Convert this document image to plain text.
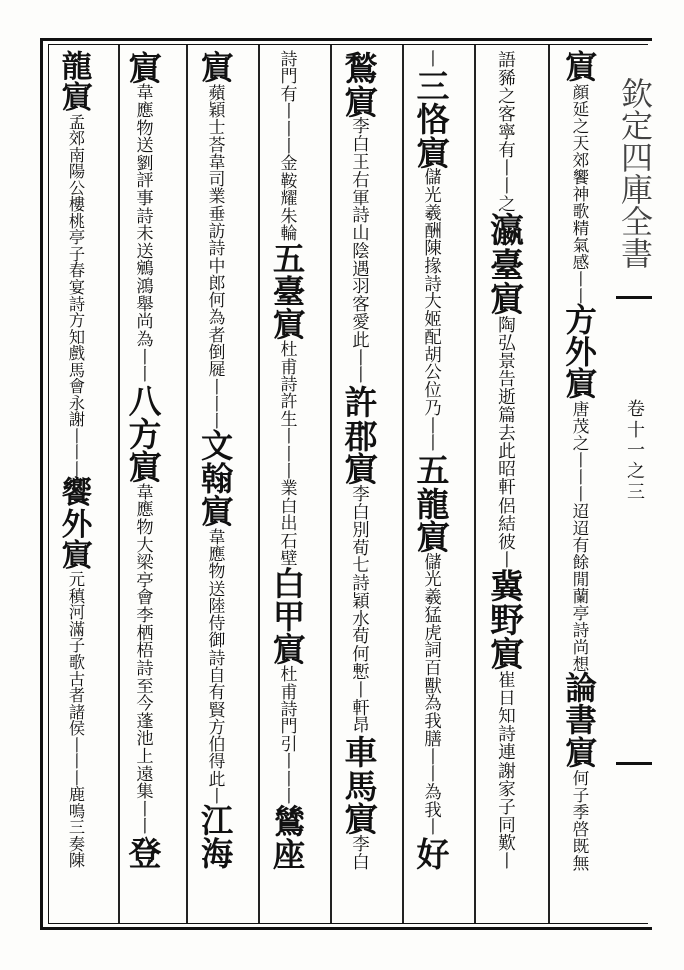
欽
定
四
庫
全
書
卷
十
一
之
三
賔
顔
延
之
天
郊
饗
神
歌
精
氣
感
丨
丨
方
外
賔
唐
茂
之
丨
丨
丨
迢
迢
有
餘
閒
蘭
亭
詩
尚
想
論
書
賔
何
子
季
啓
既
無
語
豨
之
客
寧
有
丨
丨
之
瀛
臺
賔
陶
弘
景
告
逝
篇
去
此
昭
軒
侶
結
彼
丨
冀
野
賔
崔
日
知
詩
連
謝
家
子
同
歎
丨
丨
三
恪
賔
儲
光
羲
酬
陳
掾
詩
大
姬
配
胡
公
位
乃
丨
丨
五
龍
賔
儲
光
羲
猛
虎
詞
百
獸
為
我
膳
丨
丨
為
我
丨
好
鶖
賔
李
白
王
右
軍
詩
山
陰
遇
羽
客
愛
此
丨
丨
許
郡
賔
李
白
別
荀
七
詩
穎
水
荀
何
慙
丨
軒
昂
車
馬
賔
李
白
詩
門
有
丨
丨
丨
金
鞍
耀
朱
輪
五
臺
賔
杜
甫
詩
許
生
丨
丨
丨
業
白
出
石
壁
白
甲
賔
杜
甫
詩
門
引
丨
丨
丨
鷥
座
賔
蘋
穎
士
荅
韋
司
業
垂
訪
詩
中
郎
何
為
者
倒
屣
丨
丨
丨
文
翰
賔
韋
應
物
送
陸
侍
御
詩
自
有
賢
方
伯
得
此
丨
江
海
賔
韋
應
物
送
劉
評
事
詩
未
送
鵷
鴻
舉
尚
為
丨
丨
八
方
賔
韋
應
物
大
梁
亭
會
李
栖
梧
詩
至
今
蓬
池
上
遠
集
丨
丨
登
龍
賔
孟
郊
南
陽
公
樓
桃
亭
子
春
宴
詩
方
知
戲
馬
會
永
謝
丨
丨
丨
饗
外
賔
元
稹
河
滿
子
歌
古
者
諸
侯
丨
丨
丨
鹿
鳴
三
奏
陳
